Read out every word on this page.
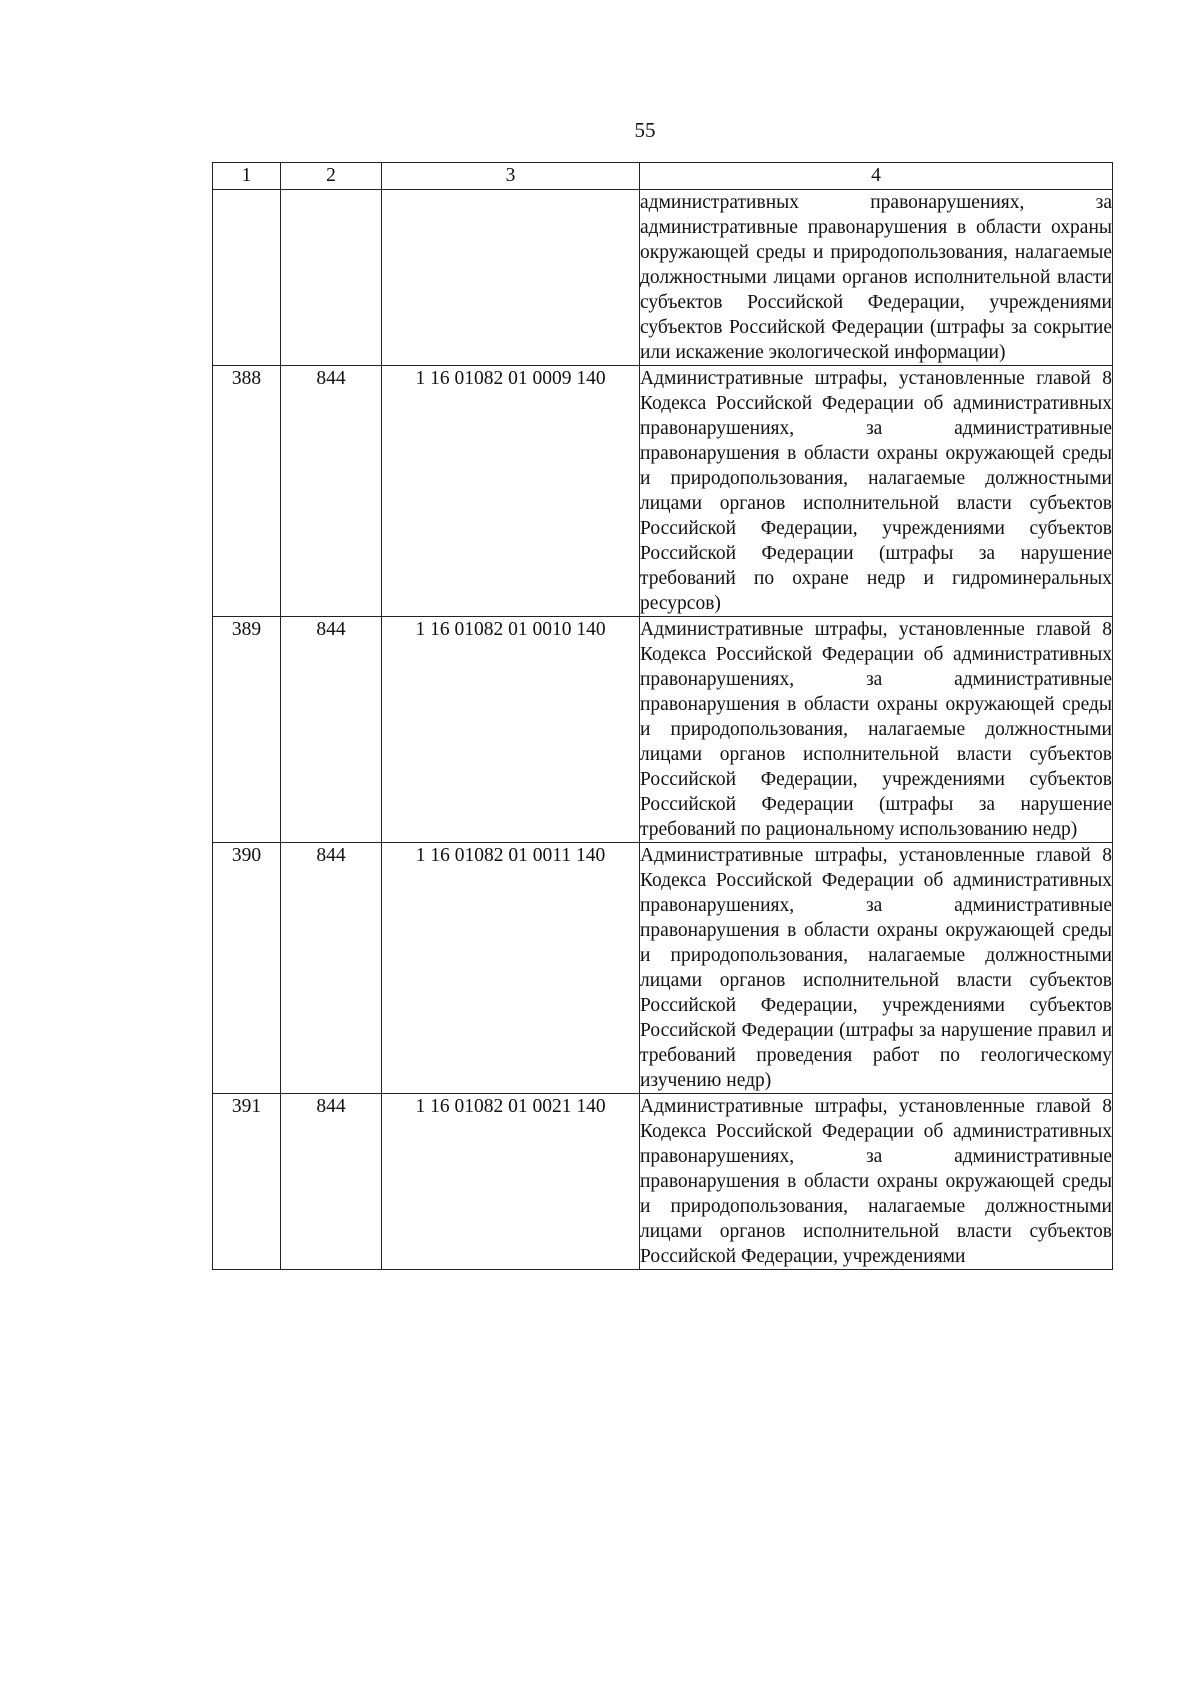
55
1	2	3	4
			административных правонарушениях, за административные правонарушения в области охраны окружающей среды и природопользования, налагаемые должностными лицами органов исполнительной власти субъектов Российской Федерации, учреждениями субъектов Российской Федерации (штрафы за сокрытие или искажение экологической информации)
388	844	1 16 01082 01 0009 140	Административные штрафы, установленные главой 8 Кодекса Российской Федерации об административных правонарушениях, за административные правонарушения в области охраны окружающей среды и природопользования, налагаемые должностными лицами органов исполнительной власти субъектов Российской Федерации, учреждениями субъектов Российской Федерации (штрафы за нарушение требований по охране недр и гидроминеральных ресурсов)
389	844	1 16 01082 01 0010 140	Административные штрафы, установленные главой 8 Кодекса Российской Федерации об административных правонарушениях, за административные правонарушения в области охраны окружающей среды и природопользования, налагаемые должностными лицами органов исполнительной власти субъектов Российской Федерации, учреждениями субъектов Российской Федерации (штрафы за нарушение требований по рациональному использованию недр)
390	844	1 16 01082 01 0011 140	Административные штрафы, установленные главой 8 Кодекса Российской Федерации об административных правонарушениях, за административные правонарушения в области охраны окружающей среды и природопользования, налагаемые должностными лицами органов исполнительной власти субъектов Российской Федерации, учреждениями субъектов Российской Федерации (штрафы за нарушение правил и требований проведения работ по геологическому изучению недр)
391	844	1 16 01082 01 0021 140	Административные штрафы, установленные главой 8 Кодекса Российской Федерации об административных правонарушениях, за административные правонарушения в области охраны окружающей среды и природопользования, налагаемые должностными лицами органов исполнительной власти субъектов Российской Федерации, учреждениями
